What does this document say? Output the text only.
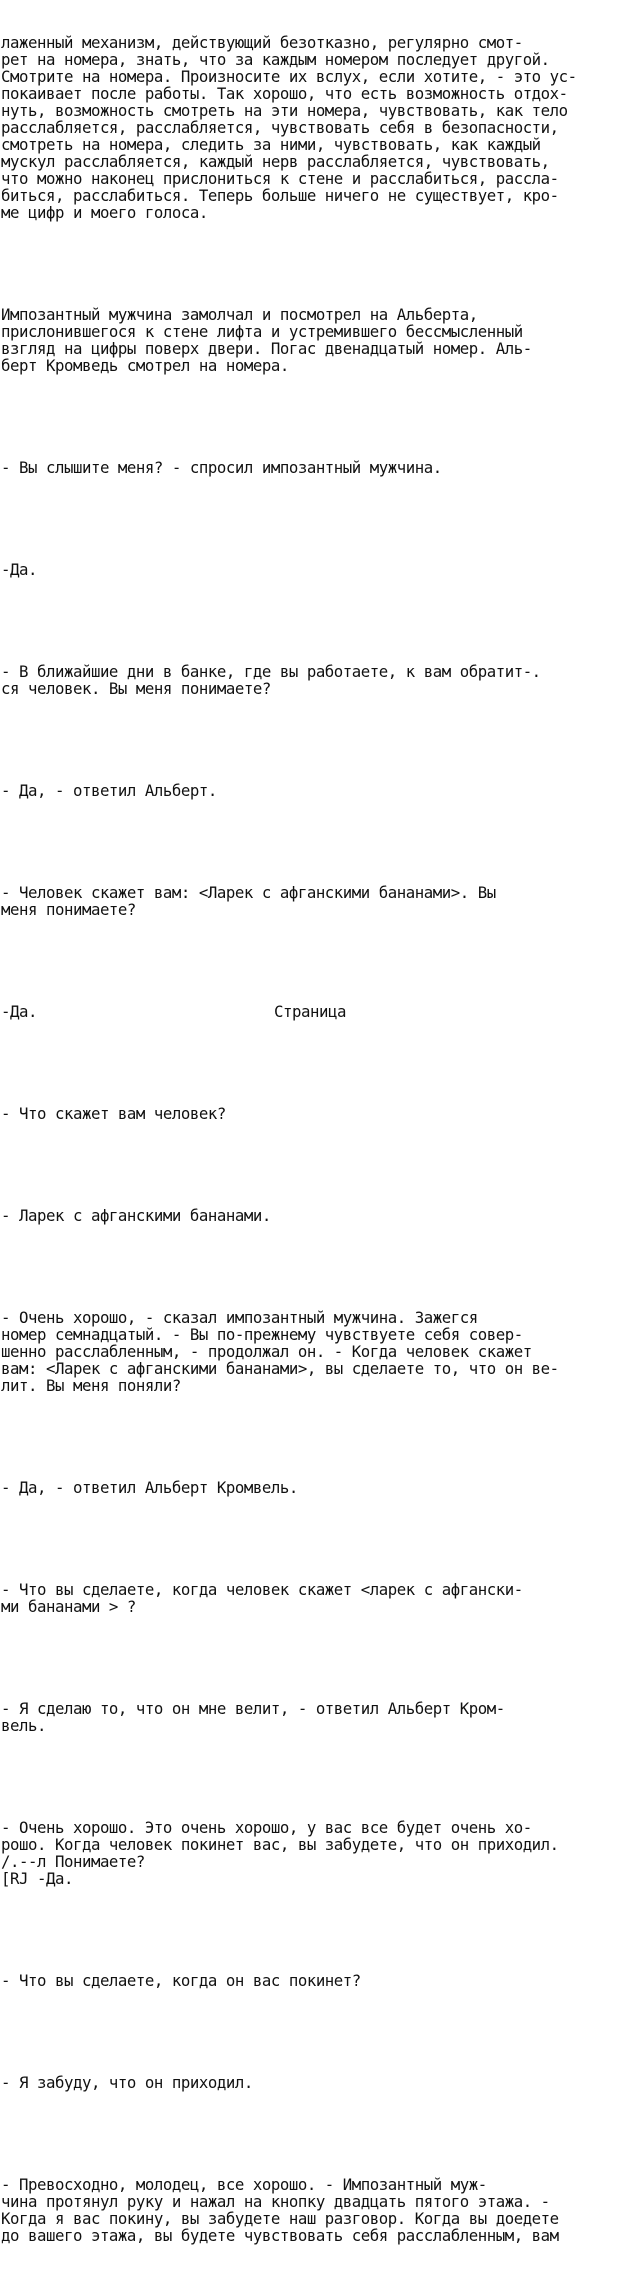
лаженный механизм, действующий безотказно, регулярно смот-
рет на номера, знать, что за каждым номером последует другой.
Смотрите на номера. Произносите их вслух, если хотите, - это ус-
покаивает после работы. Так хорошо, что есть возможность отдох-
нуть, возможность смотреть на эти номера, чувствовать, как тело
расслабляется, расслабляется, чувствовать себя в безопасности,
смотреть на номера, следить за ними, чувствовать, как каждый
мускул расслабляется, каждый нерв расслабляется, чувствовать,
что можно наконец прислониться к стене и расслабиться, рассла-
биться, расслабиться. Теперь больше ничего не существует, кро-
ме цифр и моего голоса.

Импозантный мужчина замолчал и посмотрел на Альберта,
прислонившегося к стене лифта и устремившего бессмысленный
взгляд на цифры поверх двери. Погас двенадцатый номер. Аль-
берт Кромведь смотрел на номера.

- Вы слышите меня? - спросил импозантный мужчина.

-Да.

- В ближайшие дни в банке, где вы работаете, к вам обратит-.
ся человек. Вы меня понимаете?

- Да, - ответил Альберт.

- Человек скажет вам: <Ларек с афганскими бананами>. Вы
меня понимаете?

-Да.

- Что скажет вам человек?

- Ларек с афганскими бананами.

- Очень хорошо, - сказал импозантный мужчина. Зажегся
номер семнадцатый. - Вы по-прежнему чувствуете себя совер-
шенно расслабленным, - продолжал он. - Когда человек скажет
вам: <Ларек с афганскими бананами>, вы сделаете то, что он ве-
лит. Вы меня поняли?

- Да, - ответил Альберт Кромвель.

- Что вы сделаете, когда человек скажет <ларек с афгански-
ми бананами > ?

- Я сделаю то, что он мне велит, - ответил Альберт Кром-
вель.

- Очень хорошо. Это очень хорошо, у вас все будет очень хо-
рошо. Когда человек покинет вас, вы забудете, что он приходил.
/.--л Понимаете?
[RJ -Да.

- Что вы сделаете, когда он вас покинет?

- Я забуду, что он приходил.

- Превосходно, молодец, все хорошо. - Импозантный муж-
чина протянул руку и нажал на кнопку двадцать пятого этажа. -
Когда я вас покину, вы забудете наш разговор. Когда вы доедете
до вашего этажа, вы будете чувствовать себя расслабленным, вам

Страница
